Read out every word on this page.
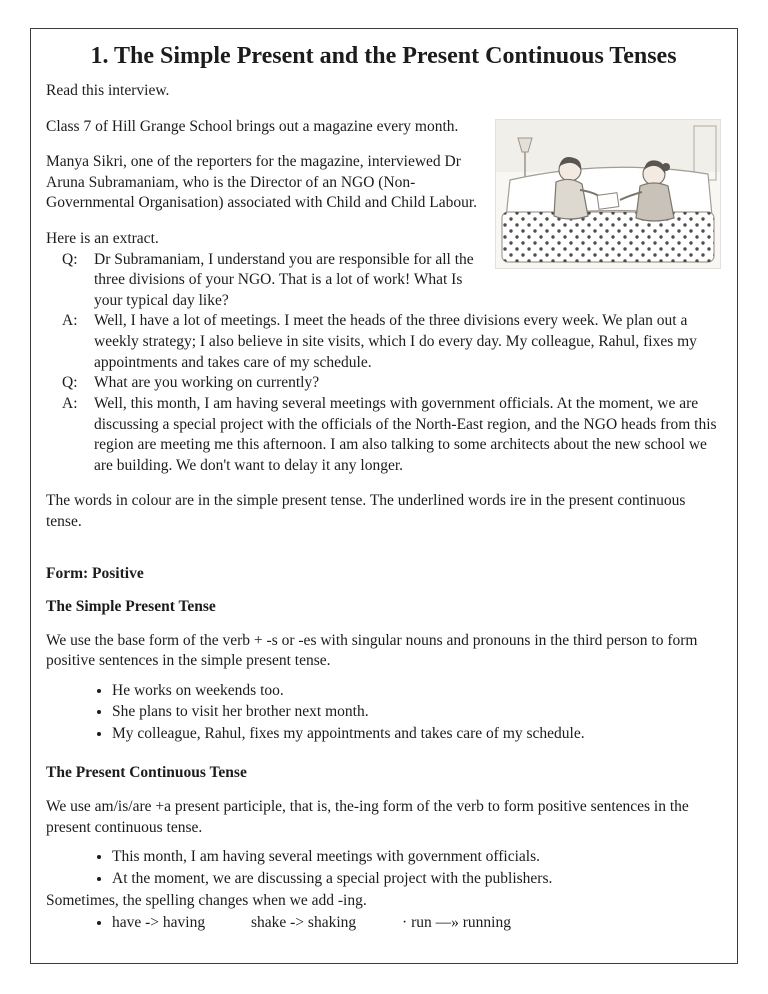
1. The Simple Present and the Present Continuous Tenses

Read this interview.

Class 7 of Hill Grange School brings out a magazine every month.

Manya Sikri, one of the reporters for the magazine, interviewed Dr Aruna Subramaniam, who is the Director of an NGO (Non-Governmental Organisation) associated with Child and Child Labour.

Here is an extract.

Q:	Dr Subramaniam, I understand you are responsible for all the three divisions of your NGO. That is a lot of work! What Is your typical day like?
A:	Well, I have a lot of meetings. I meet the heads of the three divisions every week. We plan out a weekly strategy; I also believe in site visits, which I do every day. My colleague, Rahul, fixes my appointments and takes care of my schedule.
Q:	What are you working on currently?
A:	Well, this month, I am having several meetings with government officials. At the moment, we are discussing a special project with the officials of the North-East region, and the NGO heads from this region are meeting me this afternoon. I am also talking to some architects about the new school we are building. We don't want to delay it any longer.

The words in colour are in the simple present tense. The underlined words ire in the present continuous tense.

Form: Positive

The Simple Present Tense

We use the base form of the verb + -s or -es with singular nouns and pronouns in the third person to form positive sentences in the simple present tense.

• He works on weekends too.
• She plans to visit her brother next month.
• My colleague, Rahul, fixes my appointments and takes care of my schedule.

The Present Continuous Tense

We use am/is/are +a present participle, that is, the-ing form of the verb to form positive sentences in the present continuous tense.

• This month, I am having several meetings with government officials.
• At the moment, we are discussing a special project with the publishers.

Sometimes, the spelling changes when we add -ing.

• have -> having	shake -> shaking	· run —» running
